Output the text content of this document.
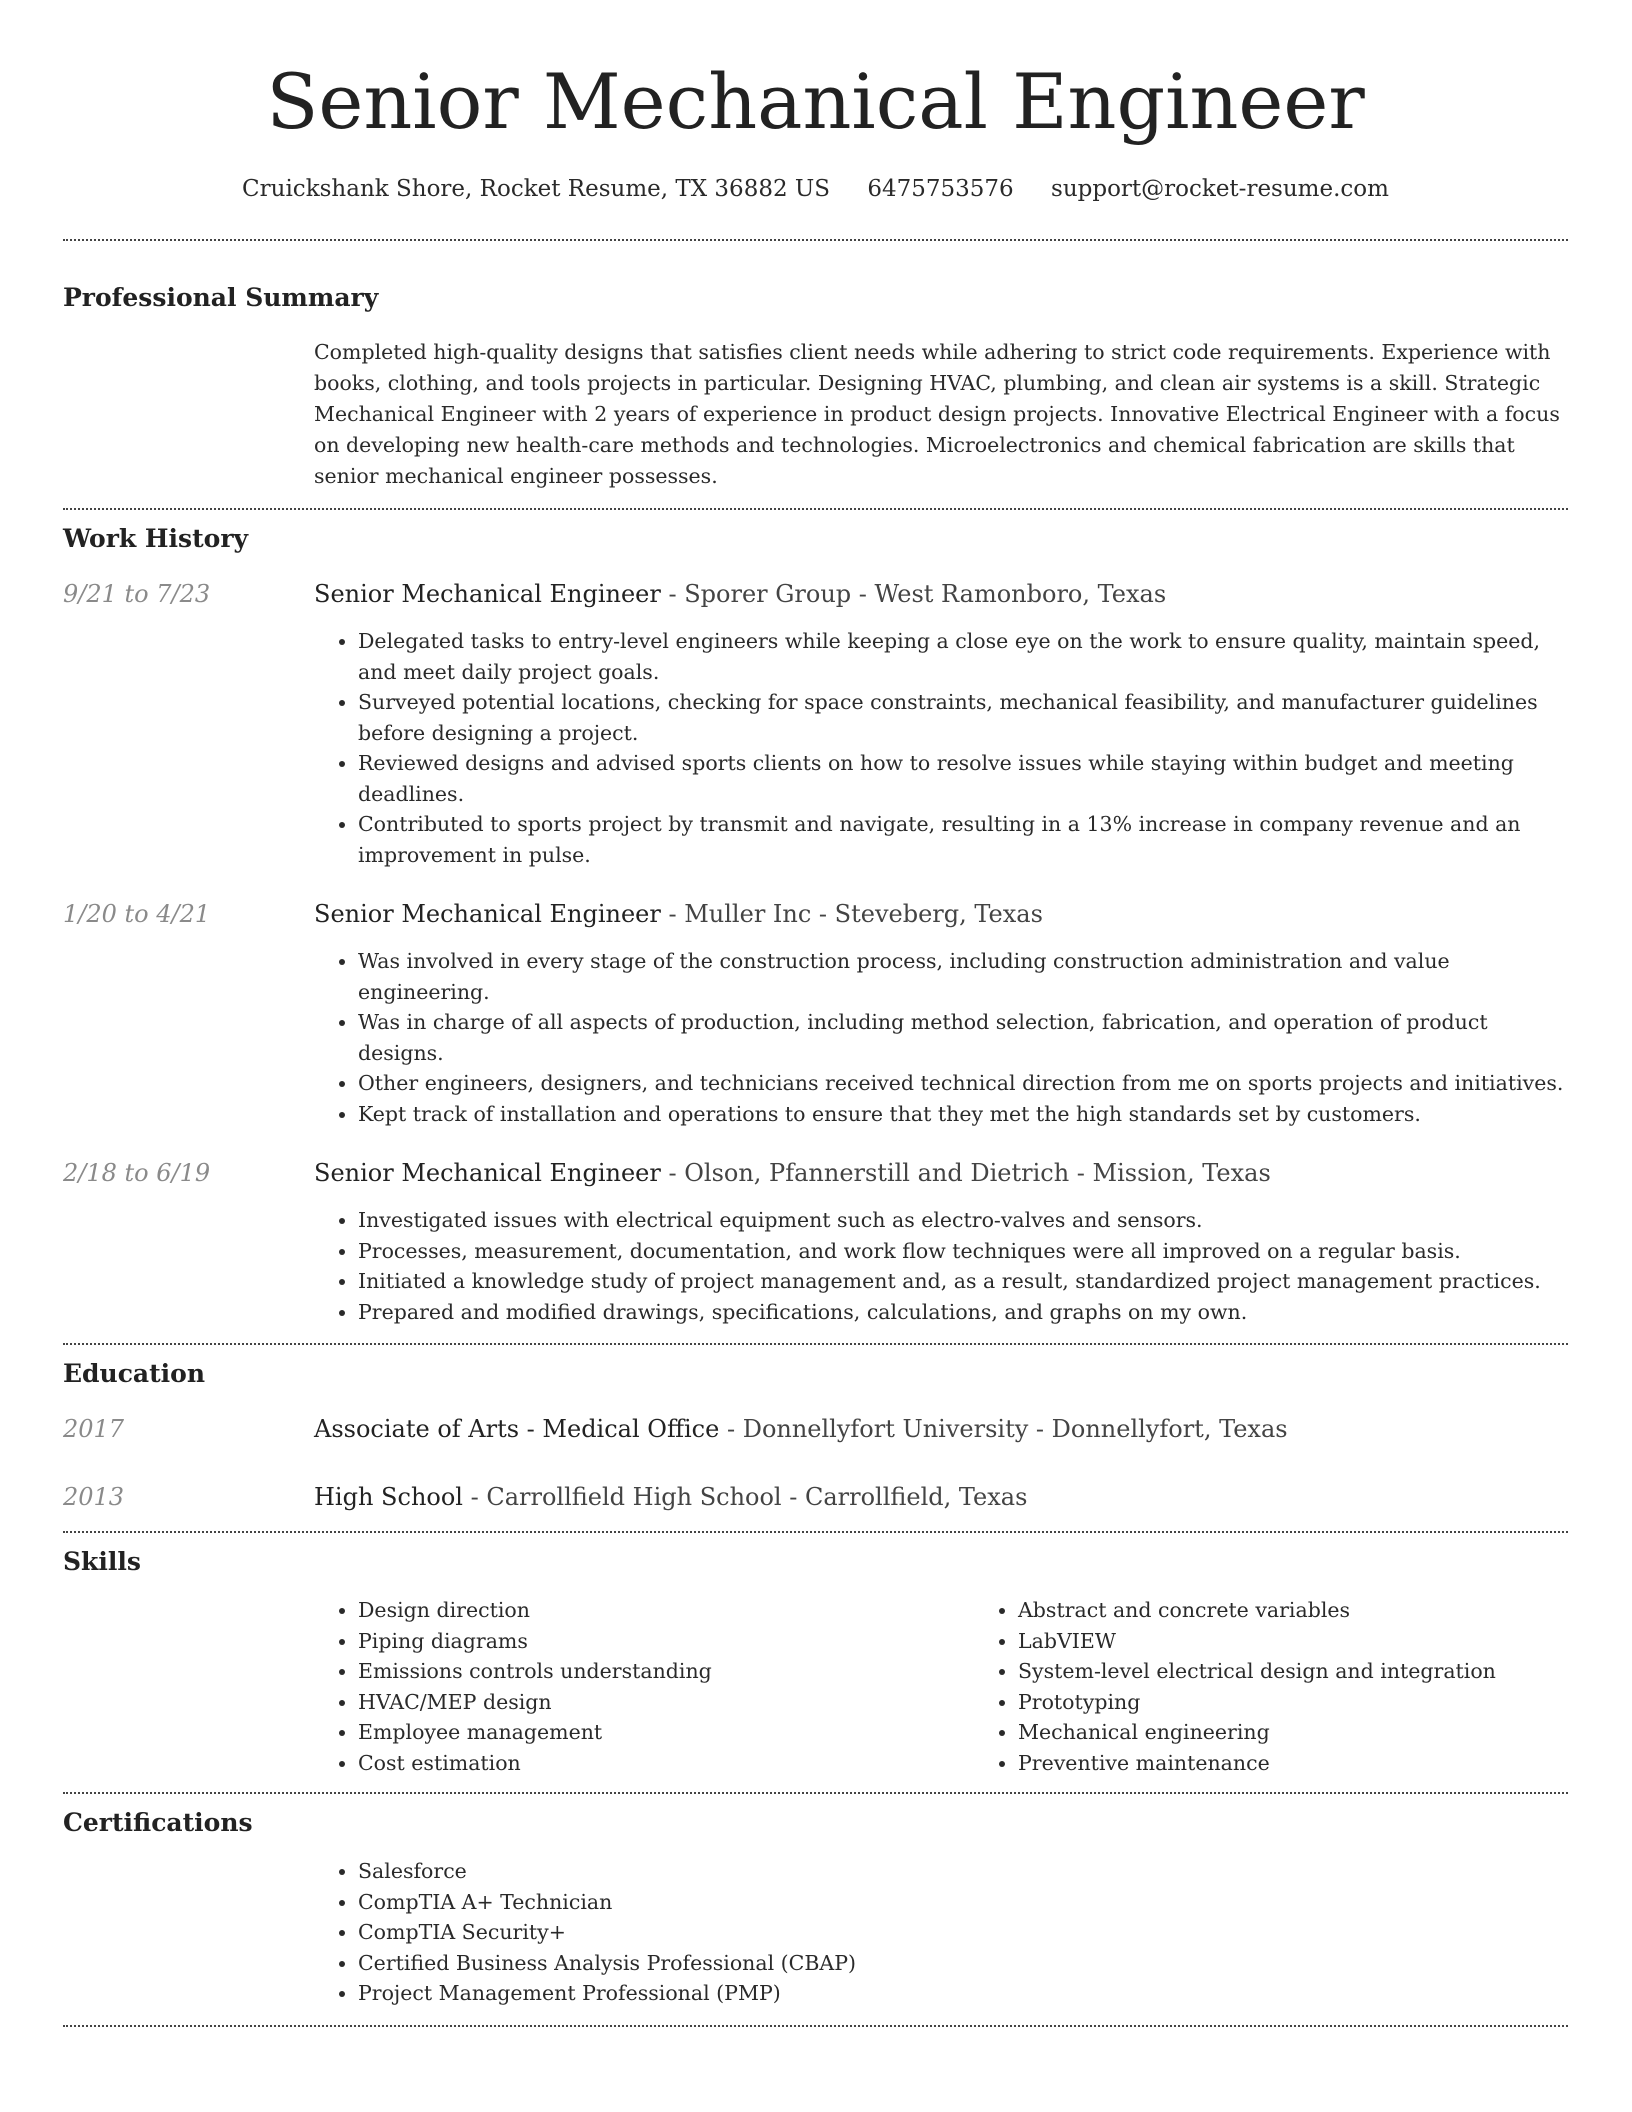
Senior Mechanical Engineer
Cruickshank Shore, Rocket Resume, TX 36882 US 6475753576 support@rocket-resume.com
Professional Summary

Completed high-quality designs that satisfies client needs while adhering to strict code requirements. Experience with books, clothing, and tools projects in particular. Designing HVAC, plumbing, and clean air systems is a skill. Strategic Mechanical Engineer with 2 years of experience in product design projects. Innovative Electrical Engineer with a focus on developing new health-care methods and technologies. Microelectronics and chemical fabrication are skills that senior mechanical engineer possesses.

Work History
9/21 to 7/23	Senior Mechanical Engineer - Sporer Group - West Ramonboro, Texas
• Delegated tasks to entry-level engineers while keeping a close eye on the work to ensure quality, maintain speed, and meet daily project goals.
• Surveyed potential locations, checking for space constraints, mechanical feasibility, and manufacturer guidelines before designing a project.
• Reviewed designs and advised sports clients on how to resolve issues while staying within budget and meeting deadlines.
• Contributed to sports project by transmit and navigate, resulting in a 13% increase in company revenue and an improvement in pulse.
1/20 to 4/21	Senior Mechanical Engineer - Muller Inc - Steveberg, Texas
• Was involved in every stage of the construction process, including construction administration and value engineering.
• Was in charge of all aspects of production, including method selection, fabrication, and operation of product designs.
• Other engineers, designers, and technicians received technical direction from me on sports projects and initiatives.
• Kept track of installation and operations to ensure that they met the high standards set by customers.
2/18 to 6/19	Senior Mechanical Engineer - Olson, Pfannerstill and Dietrich - Mission, Texas
• Investigated issues with electrical equipment such as electro-valves and sensors.
• Processes, measurement, documentation, and work flow techniques were all improved on a regular basis.
• Initiated a knowledge study of project management and, as a result, standardized project management practices.
• Prepared and modified drawings, specifications, calculations, and graphs on my own.
Education
2017	Associate of Arts - Medical Office - Donnellyfort University - Donnellyfort, Texas
2013	High School - Carrollfield High School - Carrollfield, Texas
Skills
• Design direction
• Piping diagrams
• Emissions controls understanding
• HVAC/MEP design
• Employee management
• Cost estimation
• Abstract and concrete variables
• LabVIEW
• System-level electrical design and integration
• Prototyping
• Mechanical engineering
• Preventive maintenance
Certifications
• Salesforce
• CompTIA A+ Technician
• CompTIA Security+
• Certified Business Analysis Professional (CBAP)
• Project Management Professional (PMP)
